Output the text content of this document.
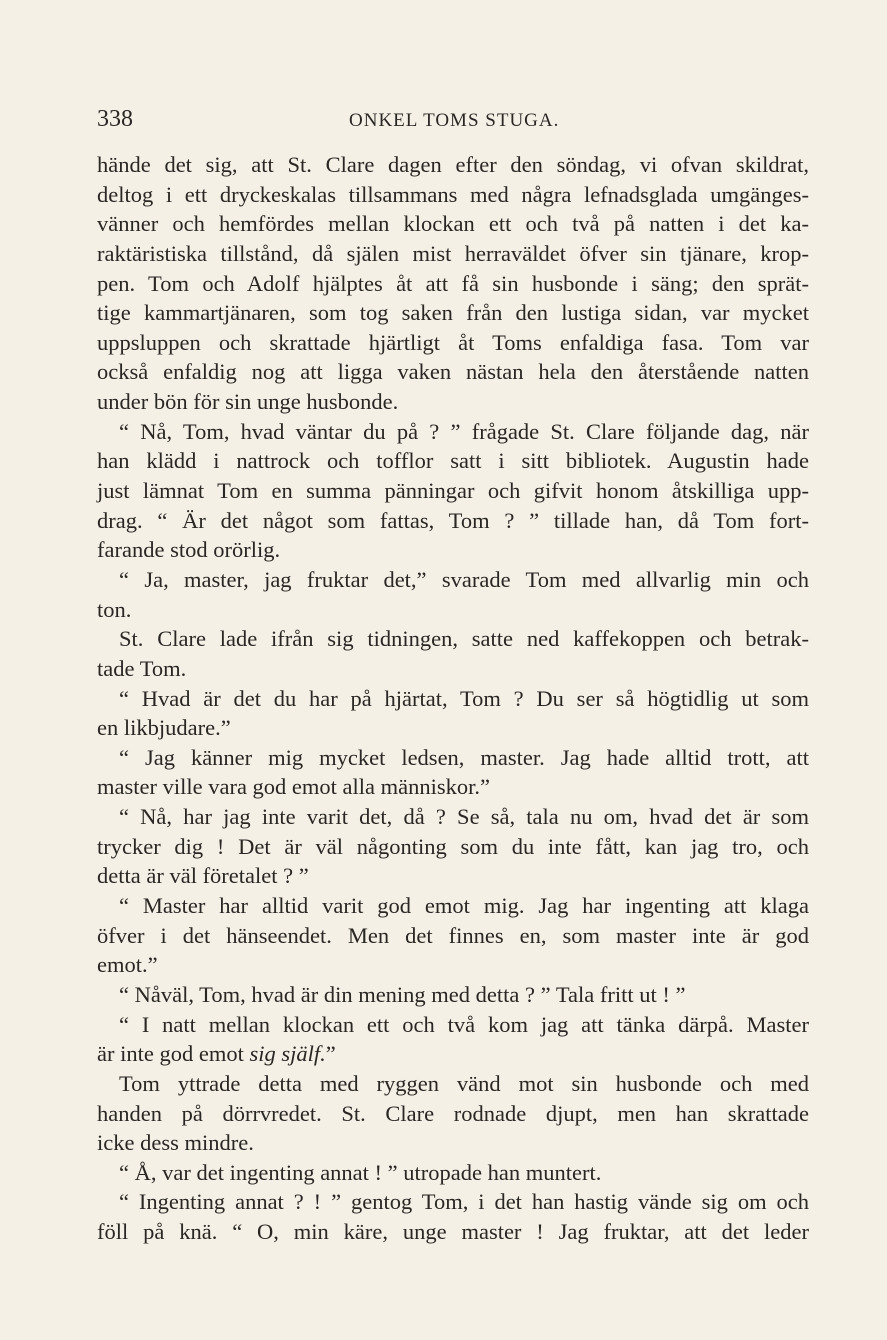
338	ONKEL TOMS STUGA.
hände det sig, att St. Clare dagen efter den söndag, vi ofvan skildrat,
deltog i ett dryckeskalas tillsammans med några lefnadsglada umgänges-
vänner och hemfördes mellan klockan ett och två på natten i det ka-
raktäristiska tillstånd, då själen mist herraväldet öfver sin tjänare, krop-
pen. Tom och Adolf hjälptes åt att få sin husbonde i säng; den sprät-
tige kammartjänaren, som tog saken från den lustiga sidan, var mycket
uppsluppen och skrattade hjärtligt åt Toms enfaldiga fasa. Tom var
också enfaldig nog att ligga vaken nästan hela den återstående natten
under bön för sin unge husbonde.
“ Nå, Tom, hvad väntar du på ? ” frågade St. Clare följande dag, när
han klädd i nattrock och tofflor satt i sitt bibliotek. Augustin hade
just lämnat Tom en summa pänningar och gifvit honom åtskilliga upp-
drag. “ Är det något som fattas, Tom ? ” tillade han, då Tom fort-
farande stod orörlig.
“ Ja, master, jag fruktar det,” svarade Tom med allvarlig min och
ton.
St. Clare lade ifrån sig tidningen, satte ned kaffekoppen och betrak-
tade Tom.
“ Hvad är det du har på hjärtat, Tom ? Du ser så högtidlig ut som
en likbjudare.”
“ Jag känner mig mycket ledsen, master. Jag hade alltid trott, att
master ville vara god emot alla människor.”
“ Nå, har jag inte varit det, då ? Se så, tala nu om, hvad det är som
trycker dig ! Det är väl någonting som du inte fått, kan jag tro, och
detta är väl företalet ? ”
“ Master har alltid varit god emot mig. Jag har ingenting att klaga
öfver i det hänseendet. Men det finnes en, som master inte är god
emot.”
“ Nåväl, Tom, hvad är din mening med detta ? ” Tala fritt ut ! ”
“ I natt mellan klockan ett och två kom jag att tänka därpå. Master
är inte god emot sig själf.”
Tom yttrade detta med ryggen vänd mot sin husbonde och med
handen på dörrvredet. St. Clare rodnade djupt, men han skrattade
icke dess mindre.
“ Å, var det ingenting annat ! ” utropade han muntert.
“ Ingenting annat ? ! ” gentog Tom, i det han hastig vände sig om och
föll på knä. “ O, min käre, unge master ! Jag fruktar, att det leder
